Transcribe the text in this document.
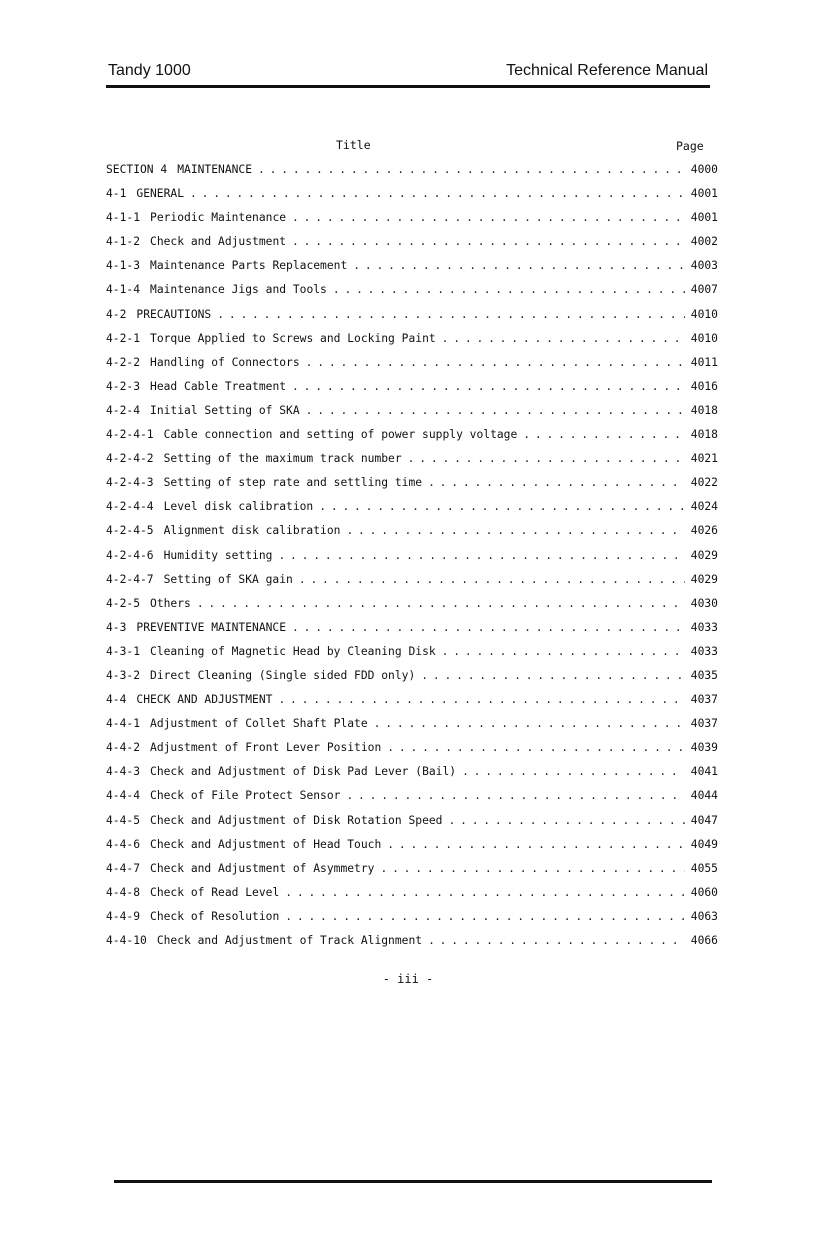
Tandy 1000	Technical Reference Manual
Title	Page
SECTION 4 MAINTENANCE . . .	4000
4-1 GENERAL . . .	4001
4-1-1 Periodic Maintenance . . .	4001
4-1-2 Check and Adjustment . . .	4002
4-1-3 Maintenance Parts Replacement . . .	4003
4-1-4 Maintenance Jigs and Tools . . .	4007
4-2 PRECAUTIONS . . .	4010
4-2-1 Torque Applied to Screws and Locking Paint . . .	4010
4-2-2 Handling of Connectors . . .	4011
4-2-3 Head Cable Treatment . . .	4016
4-2-4 Initial Setting of SKA . . .	4018
4-2-4-1 Cable connection and setting of power supply voltage . . .	4018
4-2-4-2 Setting of the maximum track number . . .	4021
4-2-4-3 Setting of step rate and settling time . . .	4022
4-2-4-4 Level disk calibration . . .	4024
4-2-4-5 Alignment disk calibration . . .	4026
4-2-4-6 Humidity setting . . .	4029
4-2-4-7 Setting of SKA gain . . .	4029
4-2-5 Others . . .	4030
4-3 PREVENTIVE MAINTENANCE . . .	4033
4-3-1 Cleaning of Magnetic Head by Cleaning Disk . . .	4033
4-3-2 Direct Cleaning (Single sided FDD only) . . .	4035
4-4 CHECK AND ADJUSTMENT . . .	4037
4-4-1 Adjustment of Collet Shaft Plate . . .	4037
4-4-2 Adjustment of Front Lever Position . . .	4039
4-4-3 Check and Adjustment of Disk Pad Lever (Bail) . . .	4041
4-4-4 Check of File Protect Sensor . . .	4044
4-4-5 Check and Adjustment of Disk Rotation Speed . . .	4047
4-4-6 Check and Adjustment of Head Touch . . .	4049
4-4-7 Check and Adjustment of Asymmetry . . .	4055
4-4-8 Check of Read Level . . .	4060
4-4-9 Check of Resolution . . .	4063
4-4-10 Check and Adjustment of Track Alignment . . .	4066
- iii -
